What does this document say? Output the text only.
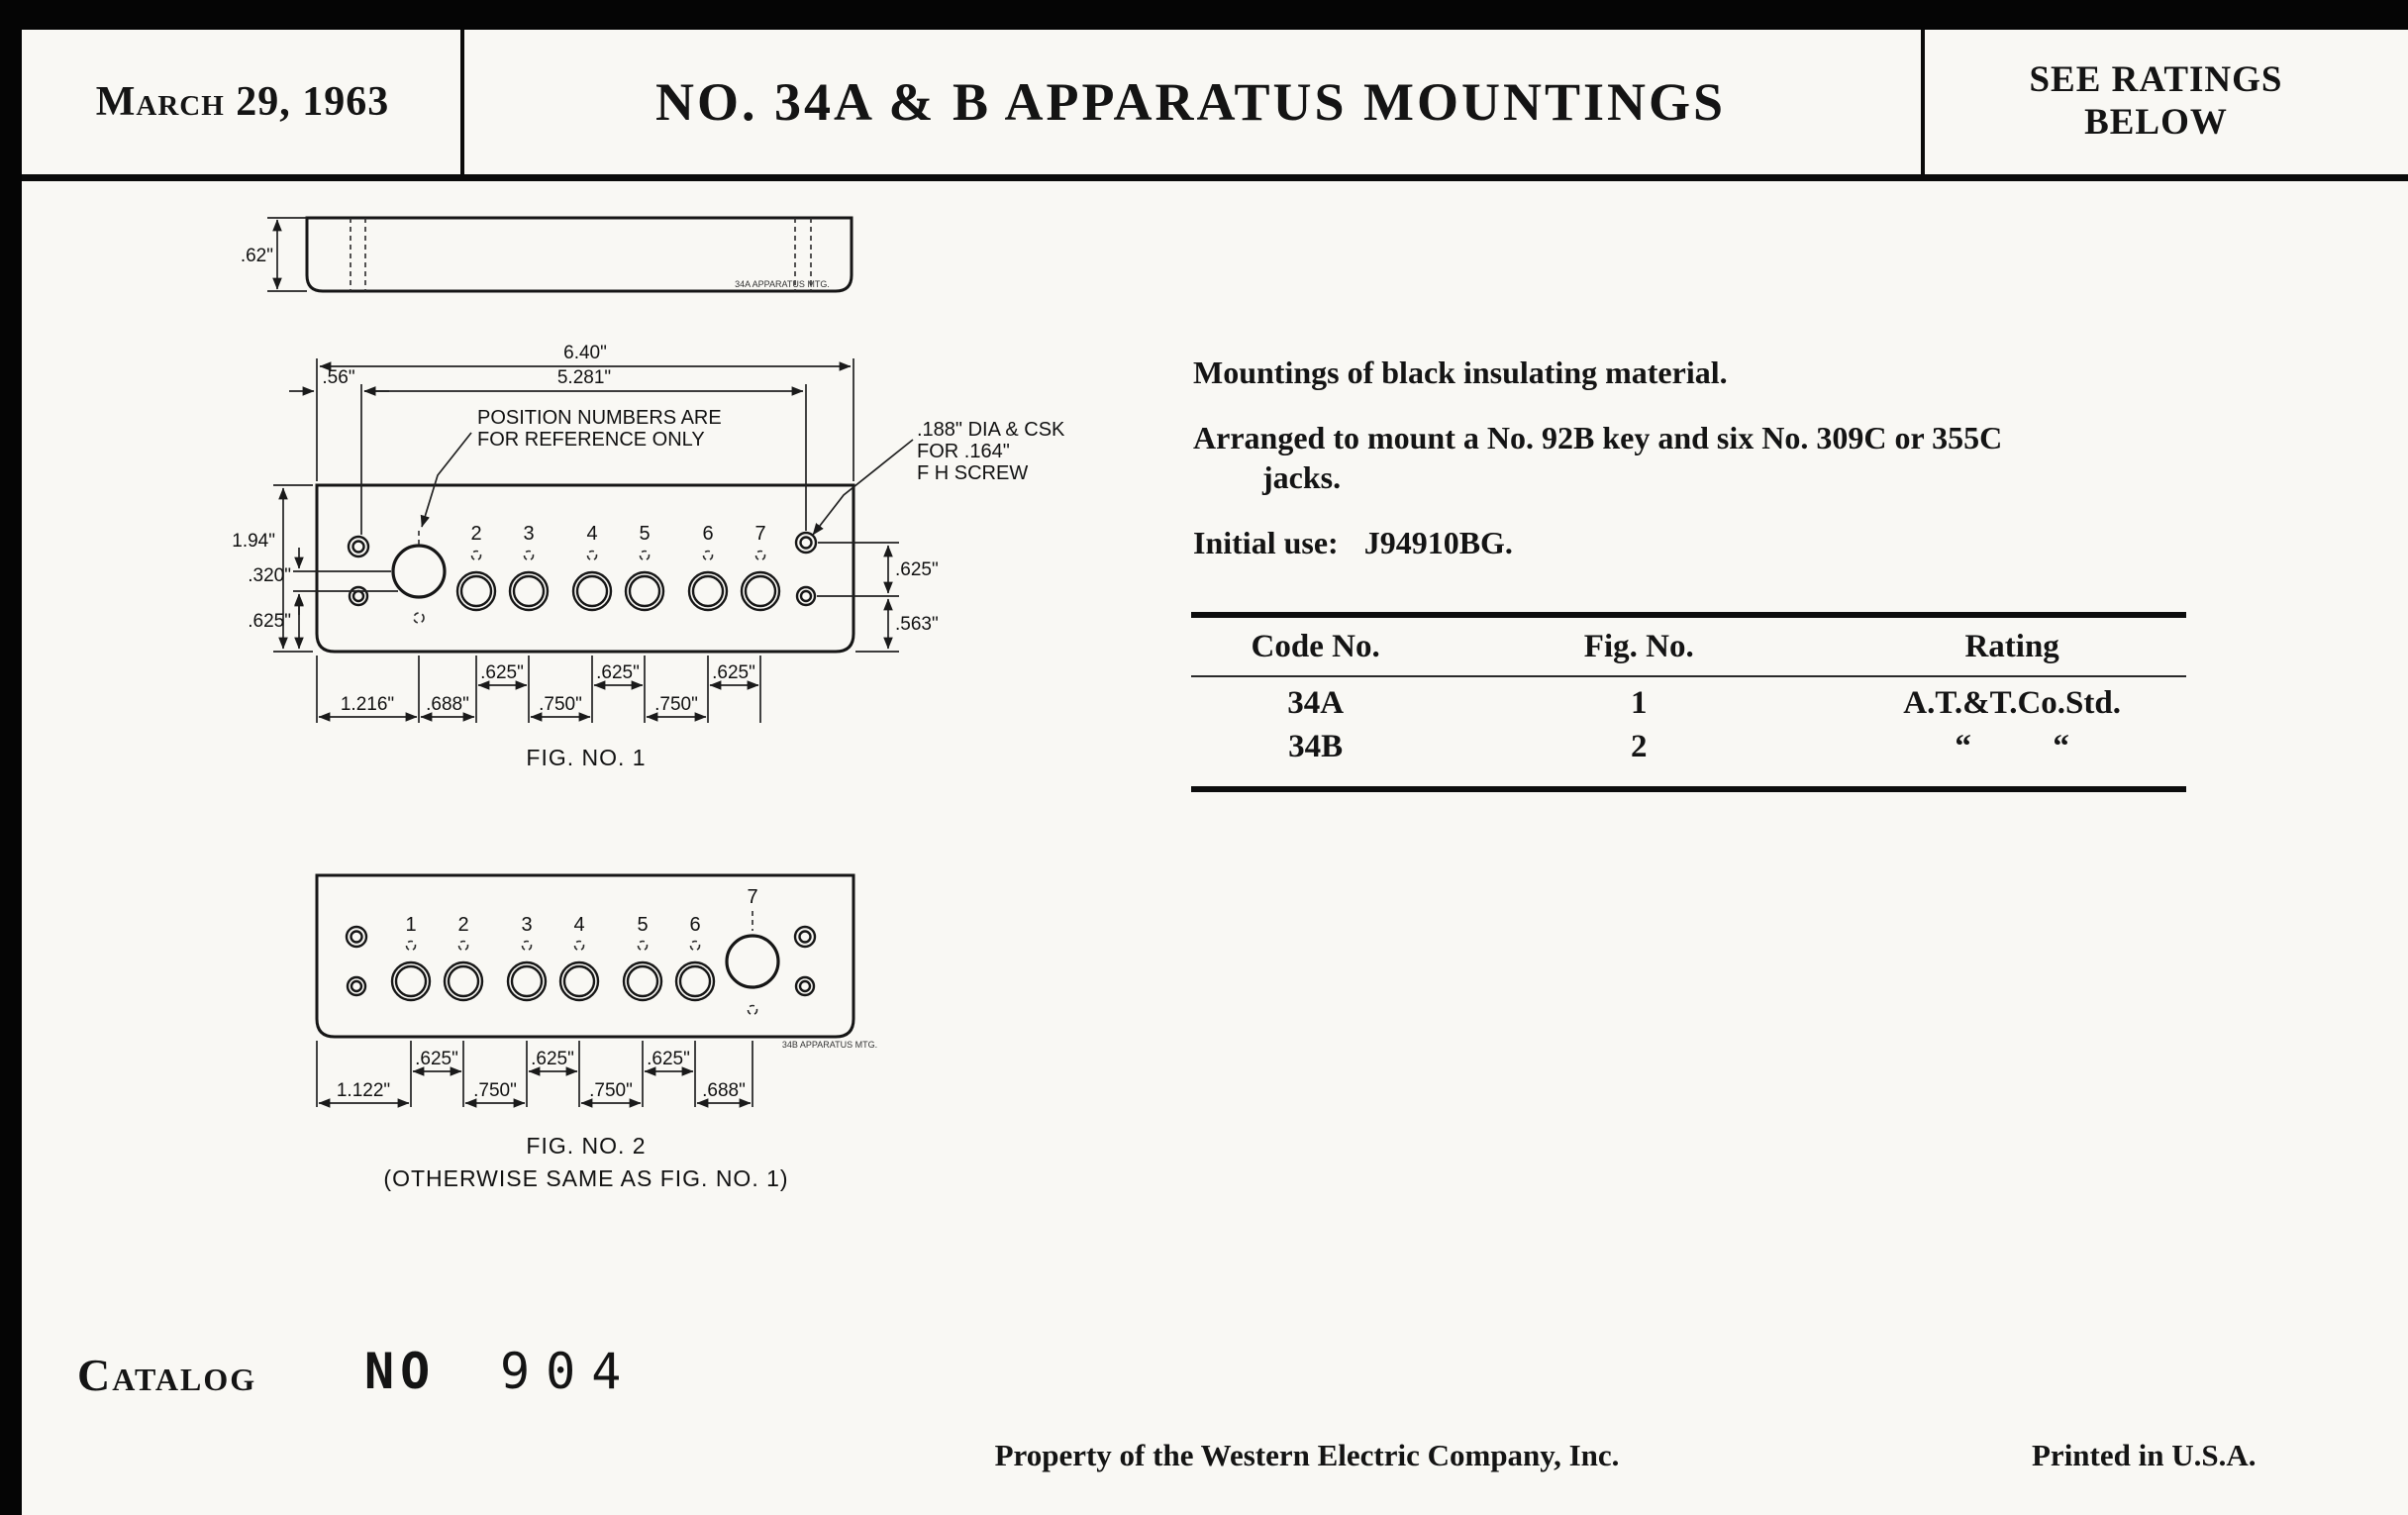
March 29, 1963	NO. 34A & B APPARATUS MOUNTINGS	SEE RATINGS
BELOW
.62"
34A APPARATUS MTG.
6.40"
.56"	5.281"
1.94"
.320"
.625"
.625"
.563"
.625"	.625"	.625"
1.216" .688"	.750"	.750"
2 3	4 5	6 7
POSITION NUMBERS ARE
FOR REFERENCE ONLY	.188" DIA & CSK
FOR .164"
F H SCREW
FIG. NO. 1
1 2	3 4	5 6
7
.625"	.625"	.625"
1.122"	.750"	.750"	.688"
34B APPARATUS MTG.
FIG. NO. 2
(OTHERWISE SAME AS FIG. NO. 1)

Mountings of black insulating material.

Arranged to mount a No. 92B key and six No. 309C or 355C
jacks.

Initial use: J94910BG.

Code No.	Fig. No.	Rating
34A	1	A.T.&T.Co.Std.
34B	2	“          “
Catalog NO 904
Property of the Western Electric Company, Inc.	Printed in U.S.A.
